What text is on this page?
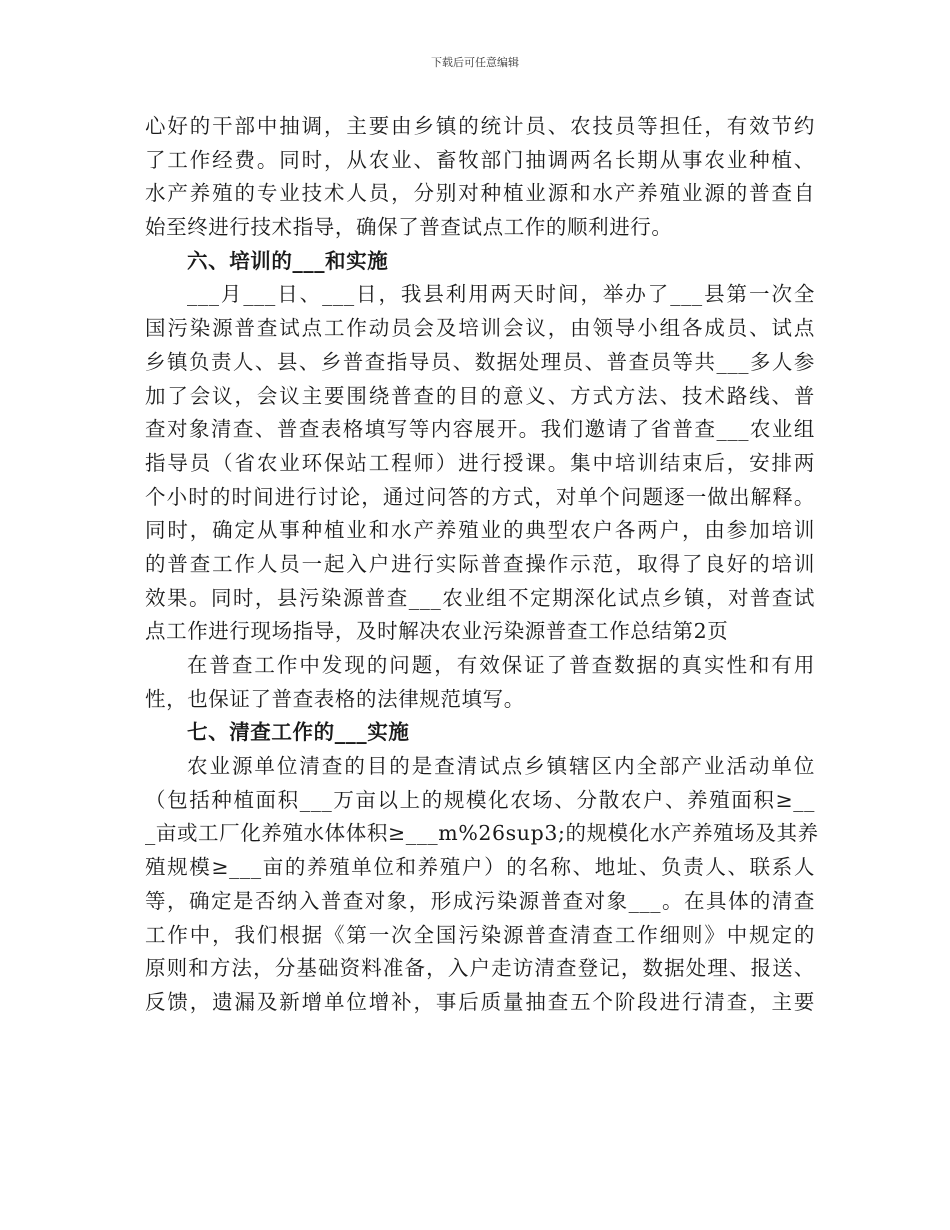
下载后可任意编辑
心好的干部中抽调，主要由乡镇的统计员、农技员等担任，有效节约
了工作经费。同时，从农业、畜牧部门抽调两名长期从事农业种植、
水产养殖的专业技术人员，分别对种植业源和水产养殖业源的普查自
始至终进行技术指导，确保了普查试点工作的顺利进行。
六、培训的___和实施
___月___日、___日，我县利用两天时间，举办了___县第一次全
国污染源普查试点工作动员会及培训会议，由领导小组各成员、试点
乡镇负责人、县、乡普查指导员、数据处理员、普查员等共___多人参
加了会议，会议主要围绕普查的目的意义、方式方法、技术路线、普
查对象清查、普查表格填写等内容展开。我们邀请了省普查___农业组
指导员（省农业环保站工程师）进行授课。集中培训结束后，安排两
个小时的时间进行讨论，通过问答的方式，对单个问题逐一做出解释。
同时，确定从事种植业和水产养殖业的典型农户各两户，由参加培训
的普查工作人员一起入户进行实际普查操作示范，取得了良好的培训
效果。同时，县污染源普查___农业组不定期深化试点乡镇，对普查试
点工作进行现场指导，及时解决农业污染源普查工作总结第2页
在普查工作中发现的问题，有效保证了普查数据的真实性和有用
性，也保证了普查表格的法律规范填写。
七、清查工作的___实施
农业源单位清查的目的是查清试点乡镇辖区内全部产业活动单位
（包括种植面积___万亩以上的规模化农场、分散农户、养殖面积≥__
_亩或工厂化养殖水体体积≥___m%26sup3;的规模化水产养殖场及其养
殖规模≥___亩的养殖单位和养殖户）的名称、地址、负责人、联系人
等，确定是否纳入普查对象，形成污染源普查对象___。在具体的清查
工作中，我们根据《第一次全国污染源普查清查工作细则》中规定的
原则和方法，分基础资料准备，入户走访清查登记，数据处理、报送、
反馈，遗漏及新增单位增补，事后质量抽查五个阶段进行清查，主要
